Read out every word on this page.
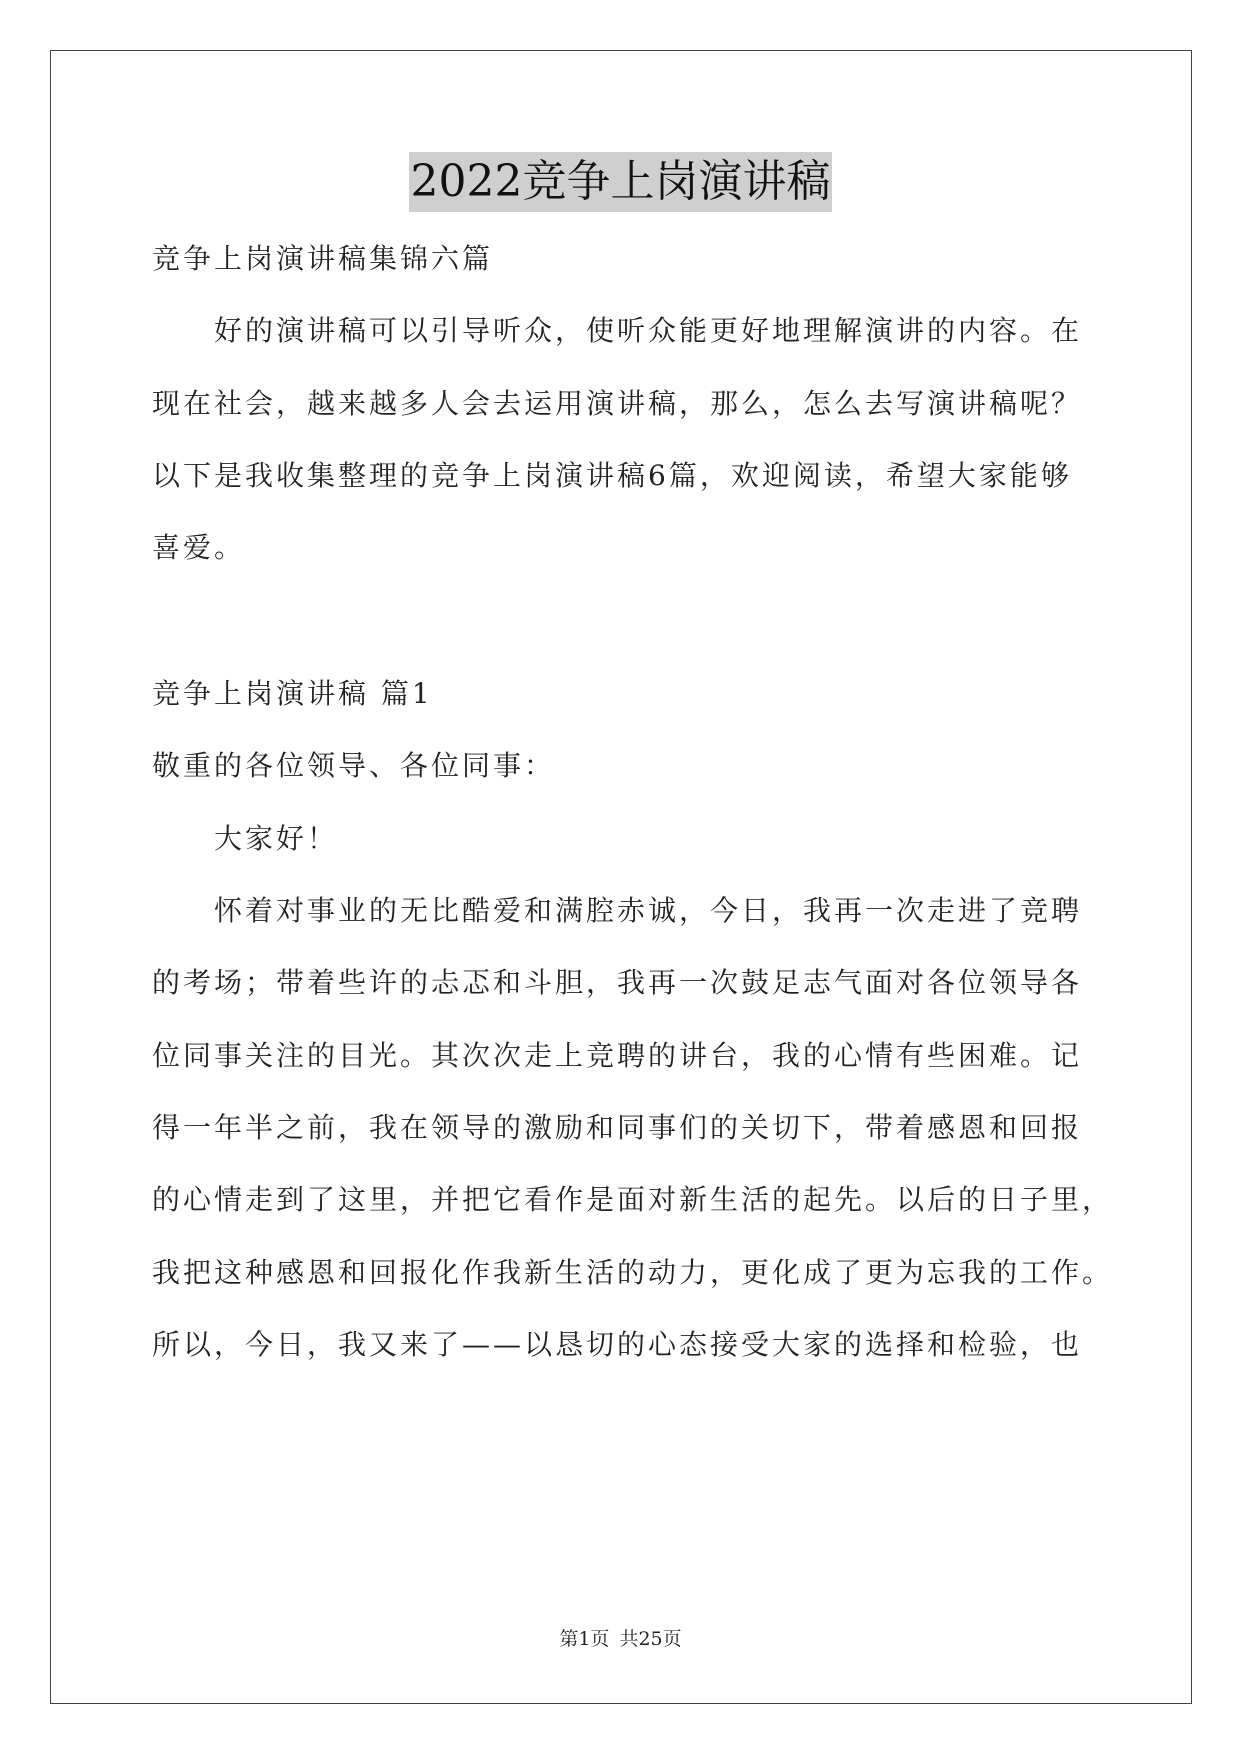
2022竞争上岗演讲稿
竞争上岗演讲稿集锦六篇
好的演讲稿可以引导听众，使听众能更好地理解演讲的内容。在
现在社会，越来越多人会去运用演讲稿，那么，怎么去写演讲稿呢？
以下是我收集整理的竞争上岗演讲稿6篇，欢迎阅读，希望大家能够
喜爱。
竞争上岗演讲稿 篇1
敬重的各位领导、各位同事：
大家好！
怀着对事业的无比酷爱和满腔赤诚，今日，我再一次走进了竞聘
的考场；带着些许的忐忑和斗胆，我再一次鼓足志气面对各位领导各
位同事关注的目光。其次次走上竞聘的讲台，我的心情有些困难。记
得一年半之前，我在领导的激励和同事们的关切下，带着感恩和回报
的心情走到了这里，并把它看作是面对新生活的起先。以后的日子里，
我把这种感恩和回报化作我新生活的动力，更化成了更为忘我的工作。
所以，今日，我又来了——以恳切的心态接受大家的选择和检验，也
第1页 共25页
